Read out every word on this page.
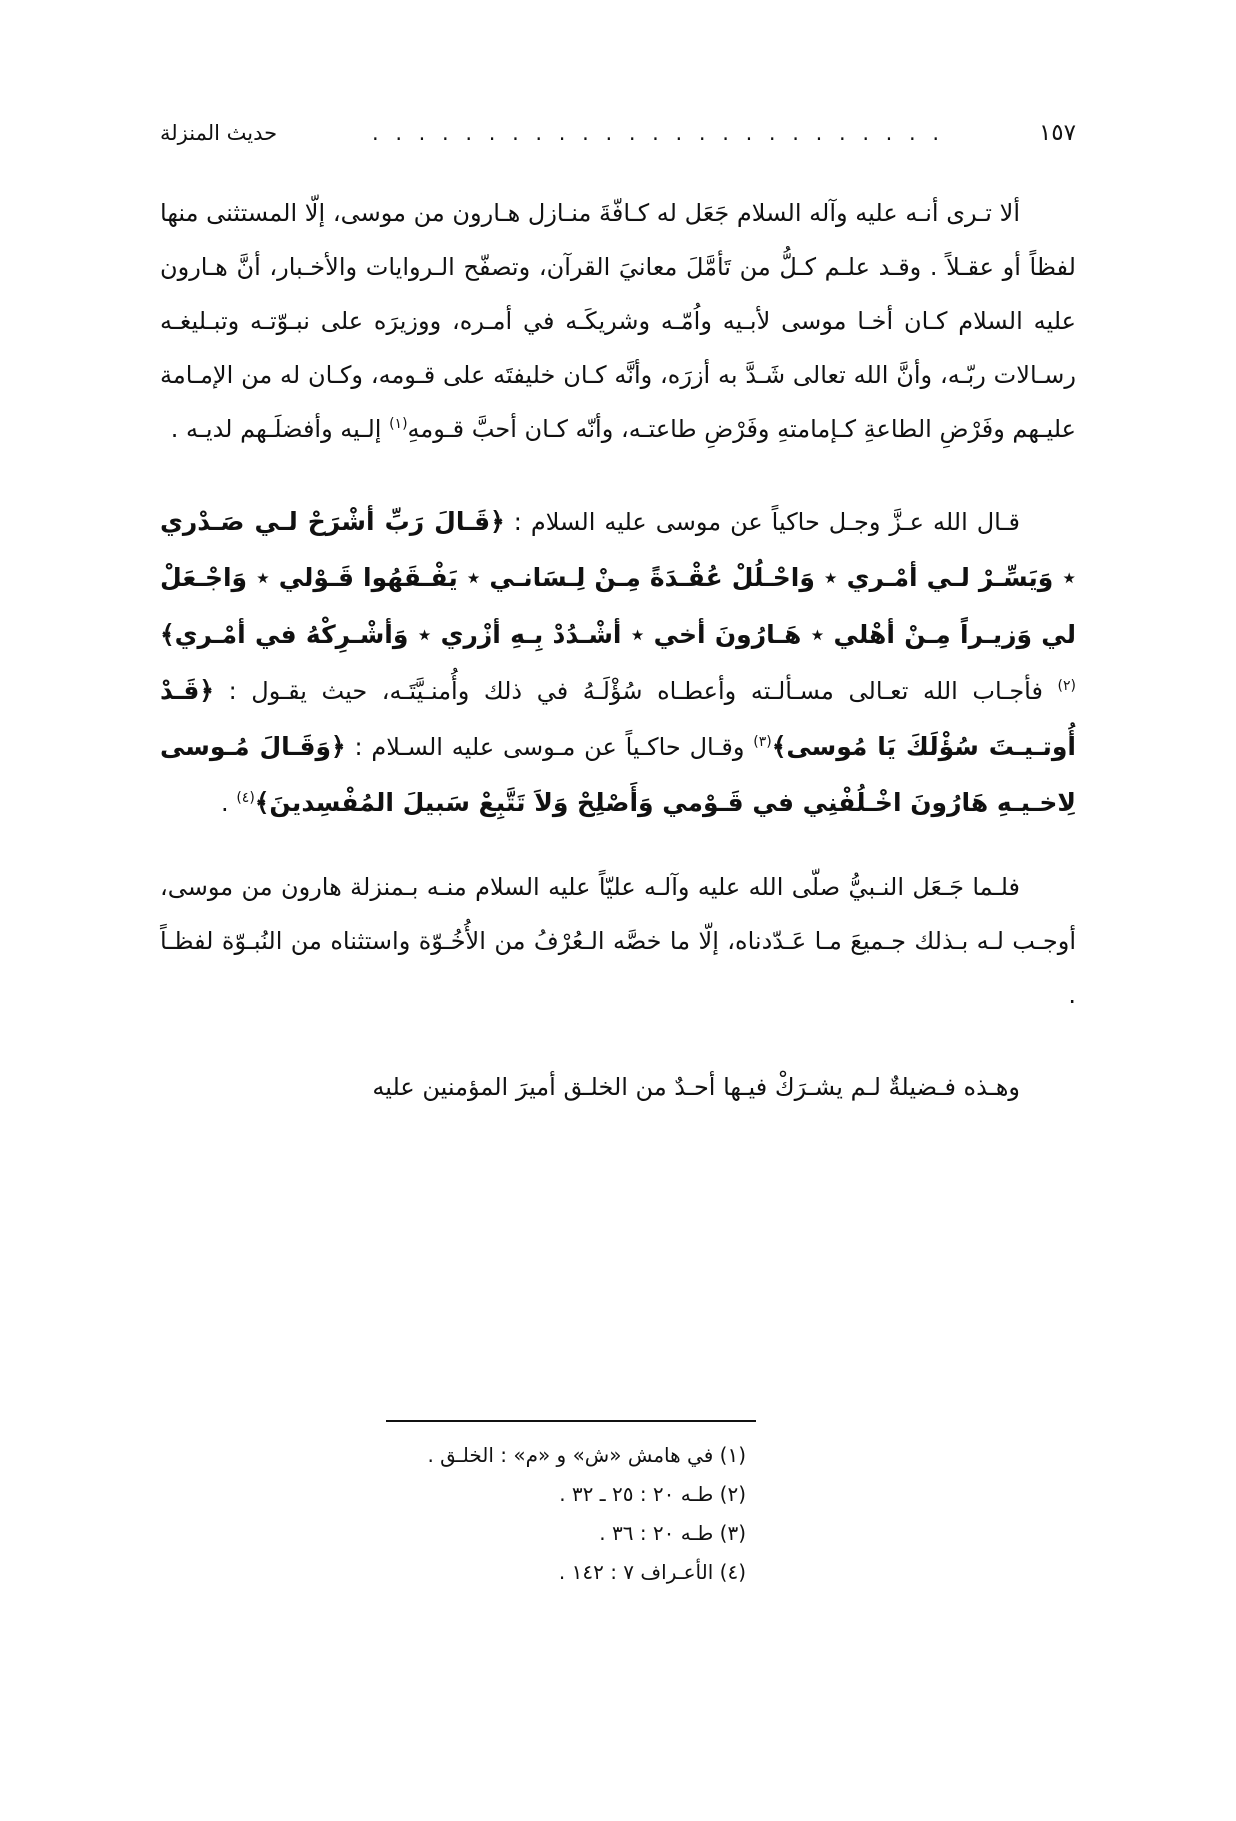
١٥٧
. . . . . . . . . . . . . . . . . . . . . . . . .
حديث المنزلة

ألا تـرى أنـه عليه وآله السلام جَعَل له كـافّةَ منـازل هـارون من موسى، إلّا المستثنى منها لفظاً أو عقـلاً . وقـد علـم كـلُّ من تَأمَّلَ معانيَ القرآن، وتصفّح الـروايات والأخـبار، أنَّ هـارون عليه السلام كـان أخـا موسى لأبـيه واُمّـه وشريكَـه في أمـره، ووزيرَه على نبـوّتـه وتبـليغـه رسـالات ربّـه، وأنَّ الله تعالى شَـدَّ به أزرَه، وأنَّه كـان خليفتَه على قـومه، وكـان له من الإمـامة عليـهم وفَرْضِ الطاعةِ كـإمامتهِ وفَرْضِ طاعتـه، وأنّه كـان أحبَّ قـومهِ$^{(١)}$ إلـيه وأفضلَـهم لديـه .

قـال الله عـزَّ وجـل حاكياً عن موسى عليه السلام : ﴿قَـالَ رَبِّ أشْرَحْ لـي صَـدْري ٭ وَيَسِّـرْ لـي أمْـري ٭ وَاحْـلُلْ عُقْـدَةً مِـنْ لِـسَانـي ٭ يَفْـقَهُوا قَـوْلي ٭ وَاجْـعَلْ لي وَزيـراً مِـنْ أهْلي ٭ هَـارُونَ أخي ٭ أشْـدُدْ بِـهِ أزْري ٭ وَأشْـرِكْهُ في أمْـري﴾$^{(٢)}$ فأجـاب الله تعـالى مسـألـته وأعطـاه سُؤْلَـهُ في ذلك وأُمنـيَّتَـه، حيث يقـول : ﴿قَـدْ أُوتـيـتَ سُؤْلَكَ يَا مُوسى﴾$^{(٣)}$ وقـال حاكـياً عن مـوسى عليه السـلام : ﴿وَقَـالَ مُـوسى لِاخـيـهِ هَارُونَ اخْـلُفْنِي في قَـوْمي وَأَصْلِحْ وَلاَ تَتَّبِعْ سَبيلَ المُفْسِدينَ﴾$^{(٤)}$ .

فلـما جَـعَل النـبيُّ صلّى الله عليه وآلـه عليّاً عليه السلام منـه بـمنزلة هارون من موسى، أوجـب لـه بـذلك جـميعَ مـا عَـدّدناه، إلّا ما خصَّه الـعُرْفُ من الأُخُـوّة واستثناه من النُبـوّة لفظـاً .

وهـذه فـضيلةٌ لـم يشـرَكْ فيـها أحـدٌ من الخلـق أميرَ المؤمنين عليه

(١) في هامش «ش» و «م» : الخلـق .
(٢) طـه ٢٠ : ٢٥ ـ ٣٢ .
(٣) طـه ٢٠ : ٣٦ .
(٤) الأعـراف ٧ : ١٤٢ .
